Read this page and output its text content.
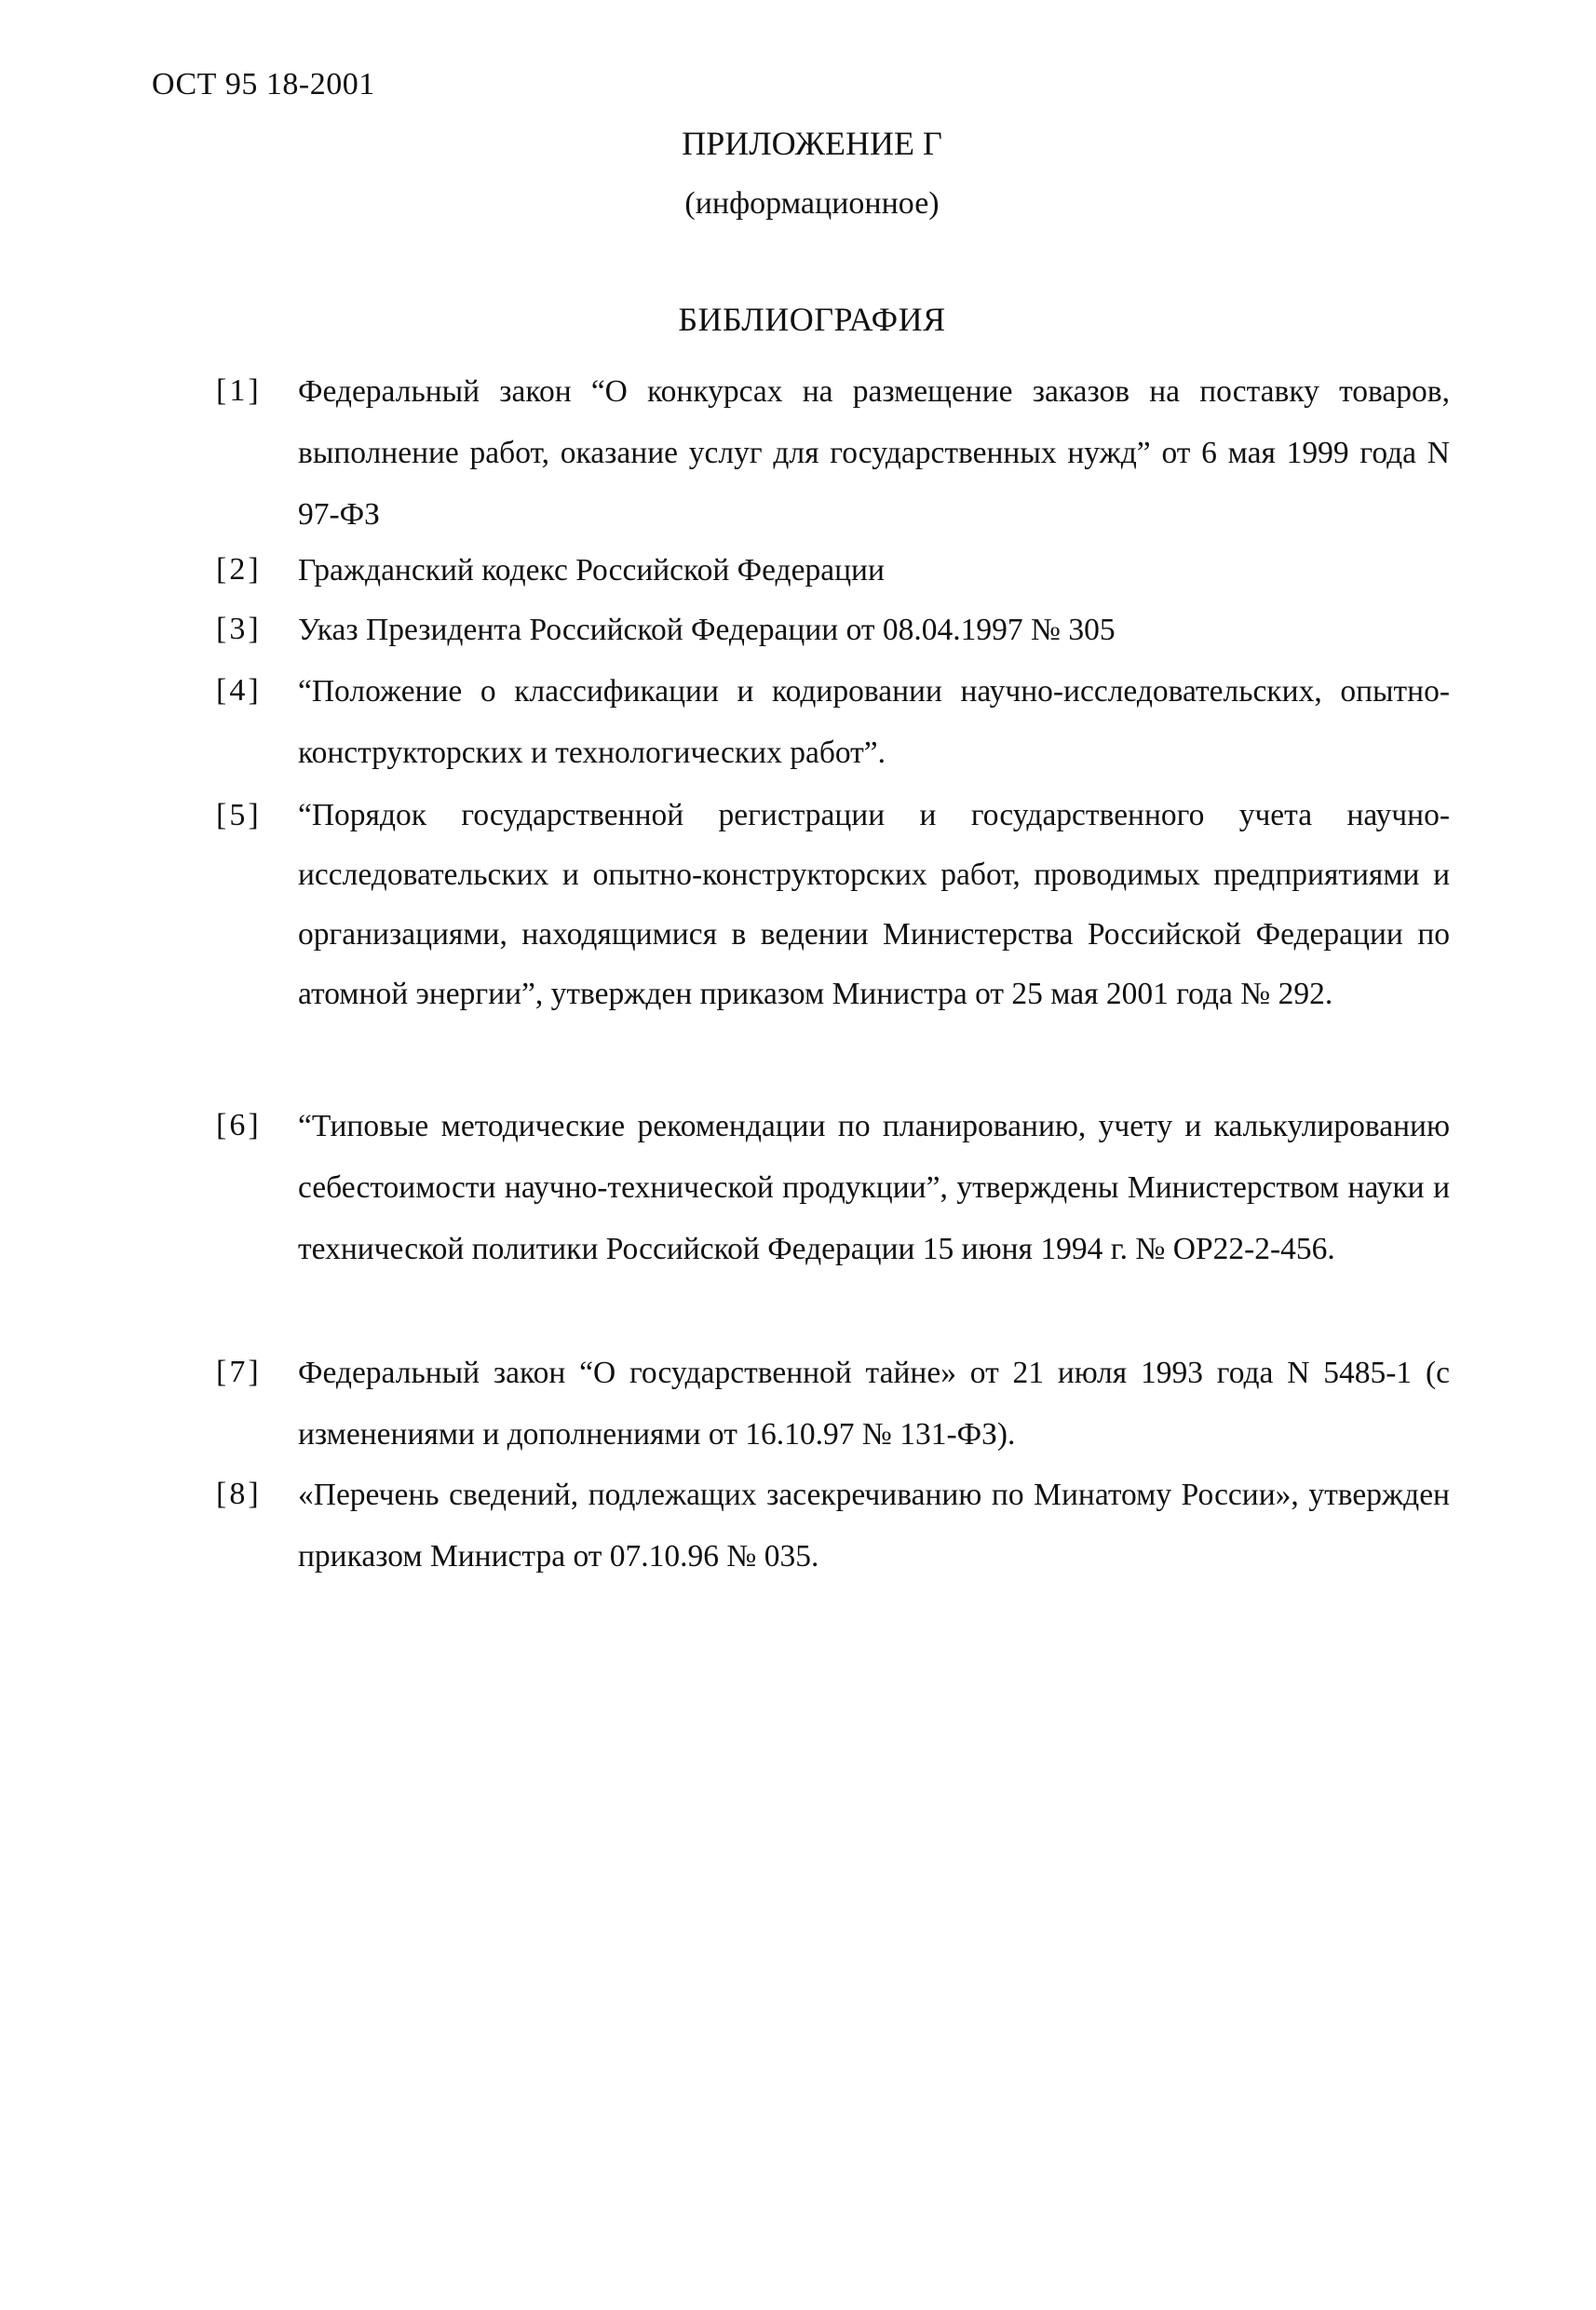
ОСТ 95 18-2001
ПРИЛОЖЕНИЕ Г
(информационное)
БИБЛИОГРАФИЯ
[1]	Федеральный закон “О конкурсах на размещение заказов на поставку товаров, выполнение работ, оказание услуг для государственных нужд” от 6 мая 1999 года N 97-ФЗ
[2]	Гражданский кодекс Российской Федерации
[3]	Указ Президента Российской Федерации от 08.04.1997 № 305
[4]	“Положение о классификации и кодировании научно-исследовательских, опытно-конструкторских и технологических работ”.
[5]	“Порядок государственной регистрации и государственного учета научно-исследовательских и опытно-конструкторских работ, проводимых предприятиями и организациями, находящимися в ведении Министерства Российской Федерации по атомной энергии”, утвержден приказом Министра от 25 мая 2001 года № 292.
[6]	“Типовые методические рекомендации по планированию, учету и калькулированию себестоимости научно-технической продукции”, утверждены Министерством науки и технической политики Российской Федерации 15 июня 1994 г. № ОР22-2-456.
[7]	Федеральный закон “О государственной тайне» от 21 июля 1993 года N 5485-1 (с изменениями и дополнениями от 16.10.97 № 131-ФЗ).
[8]	«Перечень сведений, подлежащих засекречиванию по Минатому России», утвержден приказом Министра от 07.10.96 № 035.
